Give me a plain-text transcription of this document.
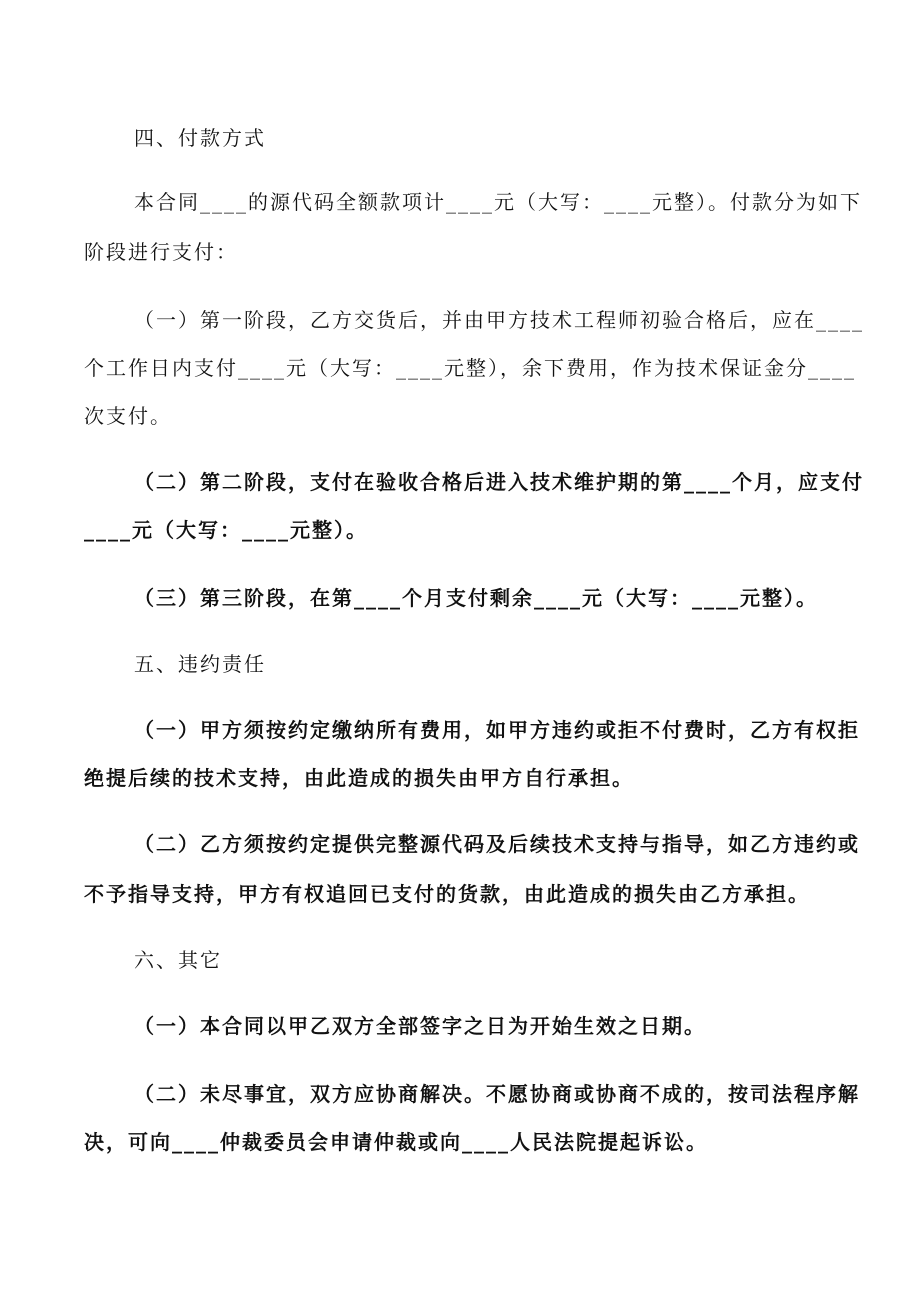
四、付款方式
本合同____的源代码全额款项计____元（大写：____元整）。付款分为如下
阶段进行支付：
（一）第一阶段，乙方交货后，并由甲方技术工程师初验合格后，应在____
个工作日内支付____元（大写：____元整），余下费用，作为技术保证金分____
次支付。
（二）第二阶段，支付在验收合格后进入技术维护期的第____个月，应支付
____元（大写：____元整）。
（三）第三阶段，在第____个月支付剩余____元（大写：____元整）。
五、违约责任
（一）甲方须按约定缴纳所有费用，如甲方违约或拒不付费时，乙方有权拒
绝提后续的技术支持，由此造成的损失由甲方自行承担。
（二）乙方须按约定提供完整源代码及后续技术支持与指导，如乙方违约或
不予指导支持，甲方有权追回已支付的货款，由此造成的损失由乙方承担。
六、其它
（一）本合同以甲乙双方全部签字之日为开始生效之日期。
（二）未尽事宜，双方应协商解决。不愿协商或协商不成的，按司法程序解
决，可向____仲裁委员会申请仲裁或向____人民法院提起诉讼。
